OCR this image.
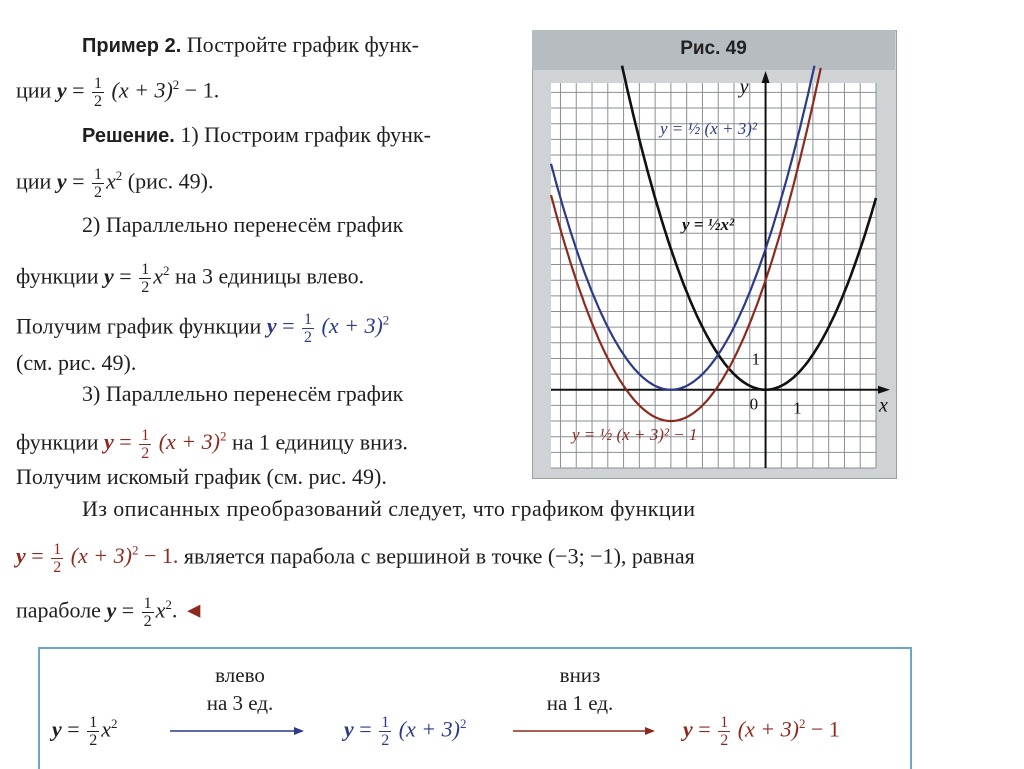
Пример 2. Постройте график функ-
ции $y = \frac{1}{2} (x + 3)^2 - 1$.
Решение. 1) Построим график функ-
ции $y = \frac{1}{2} x^2$ (рис. 49).
2) Параллельно перенесём график
функции $y = \frac{1}{2} x^2$ на 3 единицы влево.
Получим график функции $y = \frac{1}{2} (x + 3)^2$
(см. рис. 49).
3) Параллельно перенесём график
функции $y = \frac{1}{2} (x + 3)^2$ на 1 единицу вниз.
Получим искомый график (см. рис. 49).
Из описанных преобразований следует, что графиком функции
$y = \frac{1}{2} (x + 3)^2 - 1$. является парабола с вершиной в точке (−3; −1), равная
параболе $y = \frac{1}{2} x^2$. ◄
Рис. 49
y
x
0 1
1
y = ½ (x + 3)²
y = ½x²
y = ½ (x + 3)² − 1
влево
на 3 ед.
вниз
на 1 ед.
$y = \frac{1}{2} x^2$	$y = \frac{1}{2} (x + 3)^2$	$y = \frac{1}{2} (x + 3)^2 - 1$
